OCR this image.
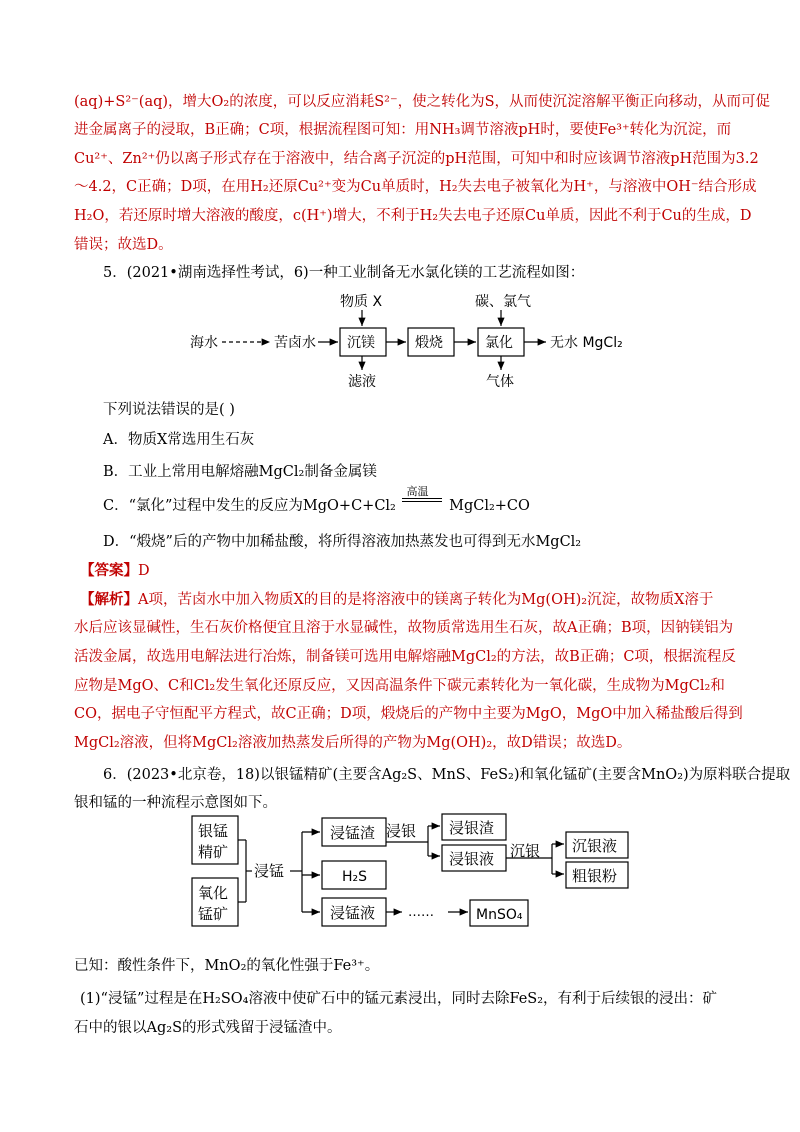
(aq)+S²⁻(aq)，增大O₂的浓度，可以反应消耗S²⁻，使之转化为S，从而使沉淀溶解平衡正向移动，从而可促
进金属离子的浸取，B正确；C项，根据流程图可知：用NH₃调节溶液pH时，要使Fe³⁺转化为沉淀，而
Cu²⁺、Zn²⁺仍以离子形式存在于溶液中，结合离子沉淀的pH范围，可知中和时应该调节溶液pH范围为3.2
～4.2，C正确；D项，在用H₂还原Cu²⁺变为Cu单质时，H₂失去电子被氧化为H⁺，与溶液中OH⁻结合形成
H₂O，若还原时增大溶液的酸度，c(H⁺)增大，不利于H₂失去电子还原Cu单质，因此不利于Cu的生成，D
错误；故选D。
5．(2021•湖南选择性考试，6)一种工业制备无水氯化镁的工艺流程如图：
海水	苦卤水 沉镁
物质 X
滤液
煅烧	氯化
碳、氯气
气体
无水 MgCl₂
下列说法错误的是( )
A．物质X常选用生石灰
B．工业上常用电解熔融MgCl₂制备金属镁
C．“氯化”过程中发生的反应为MgO+C+Cl₂
高温
MgCl₂+CO
D．“煅烧”后的产物中加稀盐酸，将所得溶液加热蒸发也可得到无水MgCl₂
【答案】D
【解析】A项，苦卤水中加入物质X的目的是将溶液中的镁离子转化为Mg(OH)₂沉淀，故物质X溶于
水后应该显碱性，生石灰价格便宜且溶于水显碱性，故物质常选用生石灰，故A正确；B项，因钠镁铝为
活泼金属，故选用电解法进行冶炼，制备镁可选用电解熔融MgCl₂的方法，故B正确；C项，根据流程反
应物是MgO、C和Cl₂发生氧化还原反应，又因高温条件下碳元素转化为一氧化碳，生成物为MgCl₂和
CO，据电子守恒配平方程式，故C正确；D项，煅烧后的产物中主要为MgO，MgO中加入稀盐酸后得到
MgCl₂溶液，但将MgCl₂溶液加热蒸发后所得的产物为Mg(OH)₂，故D错误；故选D。
6．(2023•北京卷，18)以银锰精矿(主要含Ag₂S、MnS、FeS₂)和氧化锰矿(主要含MnO₂)为原料联合提取
银和锰的一种流程示意图如下。
银锰
精矿
氧化
锰矿
浸锰
浸锰渣
H₂S
浸锰液
浸银 浸银渣
浸银液 沉银 沉银液
粗银粉
……	MnSO₄
已知：酸性条件下，MnO₂的氧化性强于Fe³⁺。
(1)“浸锰”过程是在H₂SO₄溶液中使矿石中的锰元素浸出，同时去除FeS₂，有利于后续银的浸出：矿
石中的银以Ag₂S的形式残留于浸锰渣中。
